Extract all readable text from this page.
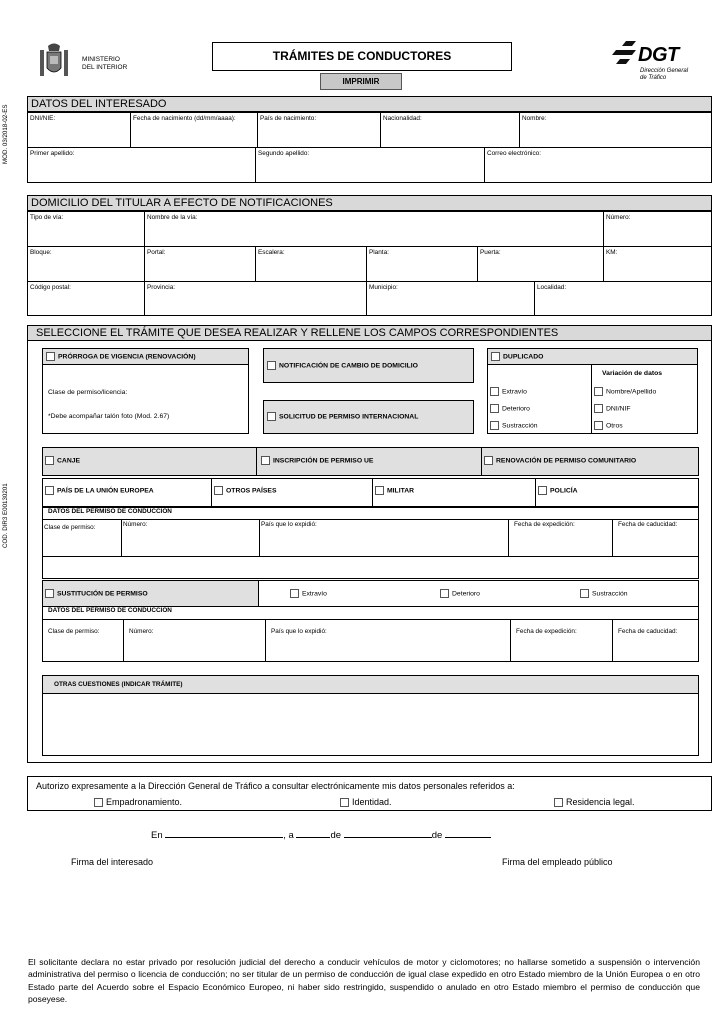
MINISTERIO
DEL INTERIOR
TRÁMITES DE CONDUCTORES
IMPRIMIR
DGT
Dirección General
de Tráfico
MOD. 03/2018-02-ES
COD. DIR3 E00130201
DATOS DEL INTERESADO
DNI/NIE:	Fecha de nacimiento (dd/mm/aaaa):	País de nacimiento:	Nacionalidad:	Nombre:
Primer apellido:	Segundo apellido:	Correo electrónico:
DOMICILIO DEL TITULAR A EFECTO DE NOTIFICACIONES
Tipo de vía:	Nombre de la vía:	Número:
Bloque:	Portal:	Escalera:	Planta:	Puerta:	KM:
Código postal:	Provincia:	Municipio:	Localidad:
SELECCIONE EL TRÁMITE QUE DESEA REALIZAR Y RELLENE LOS CAMPOS CORRESPONDIENTES
PRÓRROGA DE VIGENCIA (RENOVACIÓN)
Clase de permiso/licencia:
*Debe acompañar talón foto (Mod. 2.67)
NOTIFICACIÓN DE CAMBIO DE DOMICILIO
SOLICITUD DE PERMISO INTERNACIONAL
DUPLICADO
Variación de datos
Extravío
Deterioro
Sustracción
Nombre/Apellido
DNI/NIF
Otros
CANJE	INSCRIPCIÓN DE PERMISO UE	RENOVACIÓN DE PERMISO COMUNITARIO
PAÍS DE LA UNIÓN EUROPEA	OTROS PAÍSES	MILITAR	POLICÍA
DATOS DEL PERMISO DE CONDUCCIÓN
Clase de permiso:	Número:	País que lo expidió:	Fecha de expedición:	Fecha de caducidad:
SUSTITUCIÓN DE PERMISO	Extravío	Deterioro	Sustracción
DATOS DEL PERMISO DE CONDUCCIÓN
Clase de permiso:	Número:	País que lo expidió:	Fecha de expedición:	Fecha de caducidad:
OTRAS CUESTIONES (INDICAR TRÁMITE)
Autorizo expresamente a la Dirección General de Tráfico a consultar electrónicamente mis datos personales referidos a:
Empadronamiento.	Identidad.	Residencia legal.
En	, a	de	de
Firma del interesado	Firma del empleado público
El solicitante declara no estar privado por resolución judicial del derecho a conducir vehículos de motor y ciclomotores; no hallarse sometido a suspensión o intervención administrativa del permiso o licencia de conducción; no ser titular de un permiso de conducción de igual clase expedido en otro Estado miembro de la Unión Europea o en otro Estado parte del Acuerdo sobre el Espacio Económico Europeo, ni haber sido restringido, suspendido o anulado en otro Estado miembro el permiso de conducción que poseyese.
